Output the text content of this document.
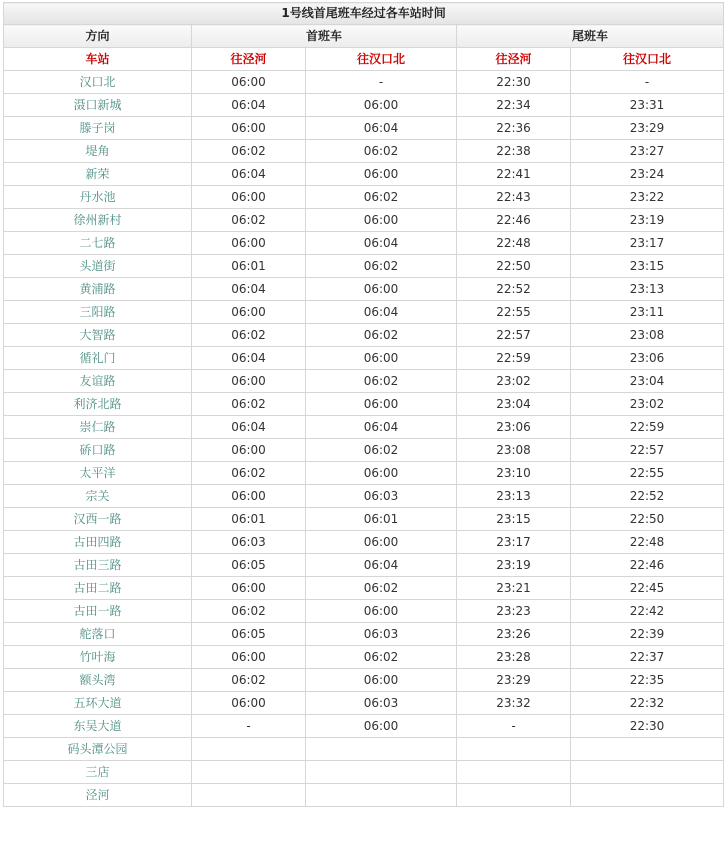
1号线首尾班车经过各车站时间				
方向	首班车		尾班车	
车站	往泾河	往汉口北	往泾河	往汉口北
汉口北	06:00	-	22:30	-
滠口新城	06:04	06:00	22:34	23:31
滕子岗	06:00	06:04	22:36	23:29
堤角	06:02	06:02	22:38	23:27
新荣	06:04	06:00	22:41	23:24
丹水池	06:00	06:02	22:43	23:22
徐州新村	06:02	06:00	22:46	23:19
二七路	06:00	06:04	22:48	23:17
头道街	06:01	06:02	22:50	23:15
黄浦路	06:04	06:00	22:52	23:13
三阳路	06:00	06:04	22:55	23:11
大智路	06:02	06:02	22:57	23:08
循礼门	06:04	06:00	22:59	23:06
友谊路	06:00	06:02	23:02	23:04
利济北路	06:02	06:00	23:04	23:02
崇仁路	06:04	06:04	23:06	22:59
硚口路	06:00	06:02	23:08	22:57
太平洋	06:02	06:00	23:10	22:55
宗关	06:00	06:03	23:13	22:52
汉西一路	06:01	06:01	23:15	22:50
古田四路	06:03	06:00	23:17	22:48
古田三路	06:05	06:04	23:19	22:46
古田二路	06:00	06:02	23:21	22:45
古田一路	06:02	06:00	23:23	22:42
舵落口	06:05	06:03	23:26	22:39
竹叶海	06:00	06:02	23:28	22:37
额头湾	06:02	06:00	23:29	22:35
五环大道	06:00	06:03	23:32	22:32
东吴大道	-	06:00	-	22:30
码头潭公园				
三店				
泾河				
